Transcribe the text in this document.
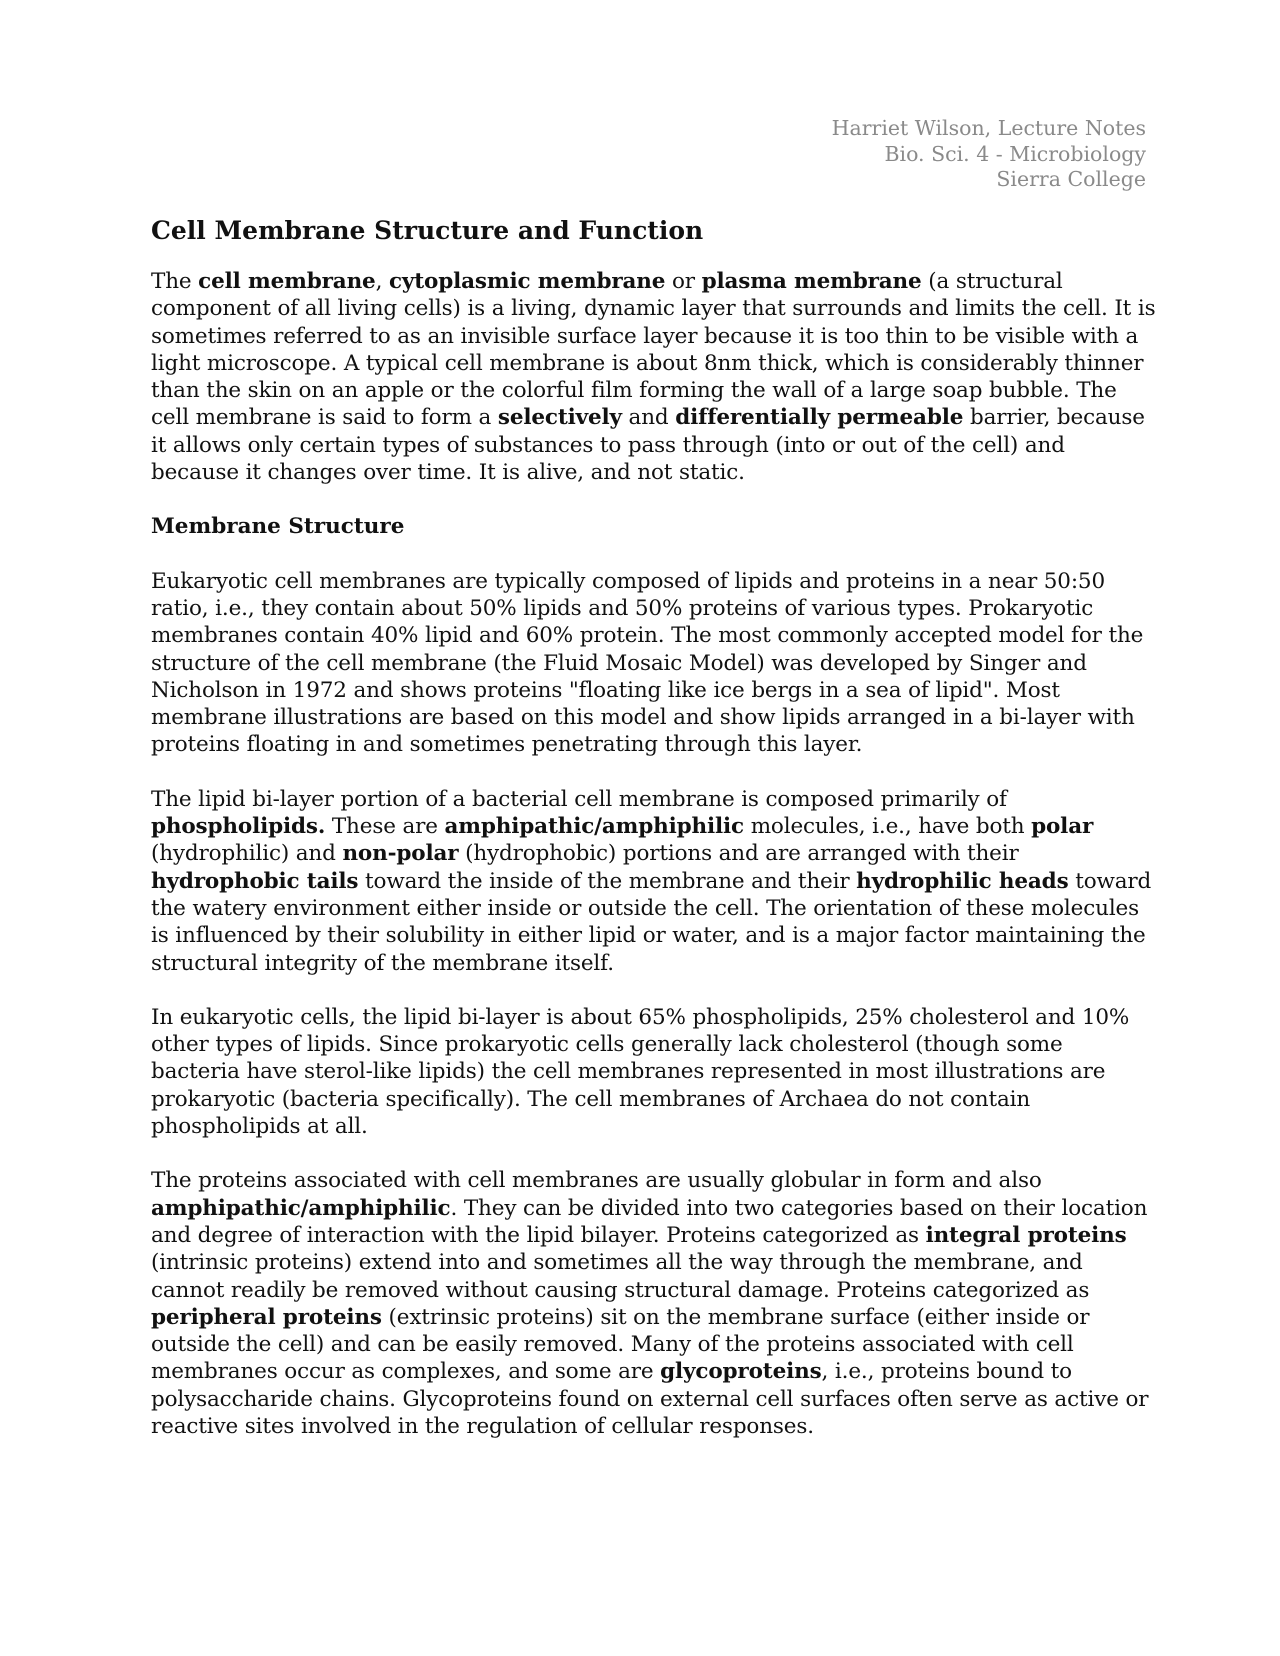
Harriet Wilson, Lecture Notes
Bio. Sci. 4 - Microbiology
Sierra College
Cell Membrane Structure and Function

The cell membrane, cytoplasmic membrane or plasma membrane (a structural component of all living cells) is a living, dynamic layer that surrounds and limits the cell. It is sometimes referred to as an invisible surface layer because it is too thin to be visible with a light microscope. A typical cell membrane is about 8nm thick, which is considerably thinner than the skin on an apple or the colorful film forming the wall of a large soap bubble. The cell membrane is said to form a selectively and differentially permeable barrier, because it allows only certain types of substances to pass through (into or out of the cell) and because it changes over time. It is alive, and not static.

Membrane Structure

Eukaryotic cell membranes are typically composed of lipids and proteins in a near 50:50 ratio, i.e., they contain about 50% lipids and 50% proteins of various types. Prokaryotic membranes contain 40% lipid and 60% protein. The most commonly accepted model for the structure of the cell membrane (the Fluid Mosaic Model) was developed by Singer and Nicholson in 1972 and shows proteins "floating like ice bergs in a sea of lipid". Most membrane illustrations are based on this model and show lipids arranged in a bi-layer with proteins floating in and sometimes penetrating through this layer.

The lipid bi-layer portion of a bacterial cell membrane is composed primarily of phospholipids. These are amphipathic/amphiphilic molecules, i.e., have both polar (hydrophilic) and non-polar (hydrophobic) portions and are arranged with their hydrophobic tails toward the inside of the membrane and their hydrophilic heads toward the watery environment either inside or outside the cell. The orientation of these molecules is influenced by their solubility in either lipid or water, and is a major factor maintaining the structural integrity of the membrane itself.

In eukaryotic cells, the lipid bi-layer is about 65% phospholipids, 25% cholesterol and 10% other types of lipids. Since prokaryotic cells generally lack cholesterol (though some bacteria have sterol-like lipids) the cell membranes represented in most illustrations are prokaryotic (bacteria specifically). The cell membranes of Archaea do not contain phospholipids at all.

The proteins associated with cell membranes are usually globular in form and also amphipathic/amphiphilic. They can be divided into two categories based on their location and degree of interaction with the lipid bilayer. Proteins categorized as integral proteins (intrinsic proteins) extend into and sometimes all the way through the membrane, and cannot readily be removed without causing structural damage. Proteins categorized as peripheral proteins (extrinsic proteins) sit on the membrane surface (either inside or outside the cell) and can be easily removed. Many of the proteins associated with cell membranes occur as complexes, and some are glycoproteins, i.e., proteins bound to polysaccharide chains. Glycoproteins found on external cell surfaces often serve as active or reactive sites involved in the regulation of cellular responses.
